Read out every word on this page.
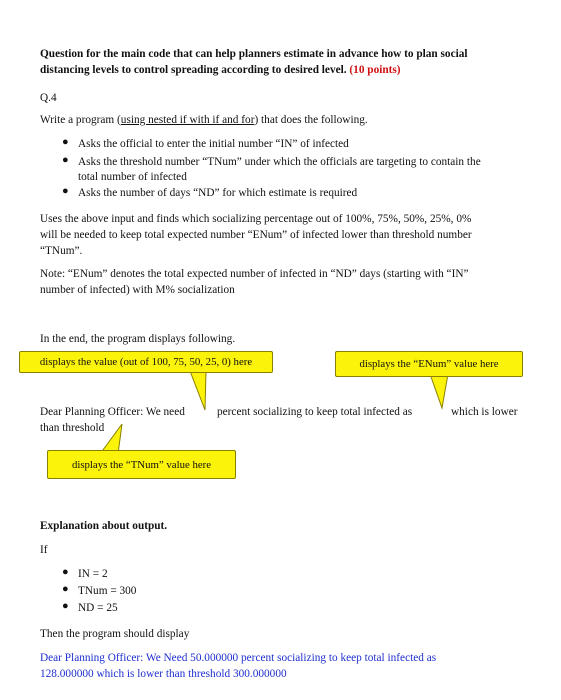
Question for the main code that can help planners estimate in advance how to plan social
distancing levels to control spreading according to desired level. (10 points)
Q.4
Write a program (using nested if with if and for) that does the following.
● Asks the official to enter the initial number “IN” of infected
● Asks the threshold number “TNum” under which the officials are targeting to contain the
total number of infected
● Asks the number of days “ND” for which estimate is required
Uses the above input and finds which socializing percentage out of 100%, 75%, 50%, 25%, 0%
will be needed to keep total expected number “ENum” of infected lower than threshold number
“TNum”.
Note: “ENum” denotes the total expected number of infected in “ND” days (starting with “IN”
number of infected) with M% socialization
In the end, the program displays following.
displays the value (out of 100, 75, 50, 25, 0) here	displays the “ENum” value here
displays the “TNum” value here
Dear Planning Officer: We need	percent socializing to keep total infected as	which is lower
than threshold
Explanation about output.
If
● IN = 2
● TNum = 300
● ND = 25
Then the program should display
Dear Planning Officer: We Need 50.000000 percent socializing to keep total infected as
128.000000 which is lower than threshold 300.000000
